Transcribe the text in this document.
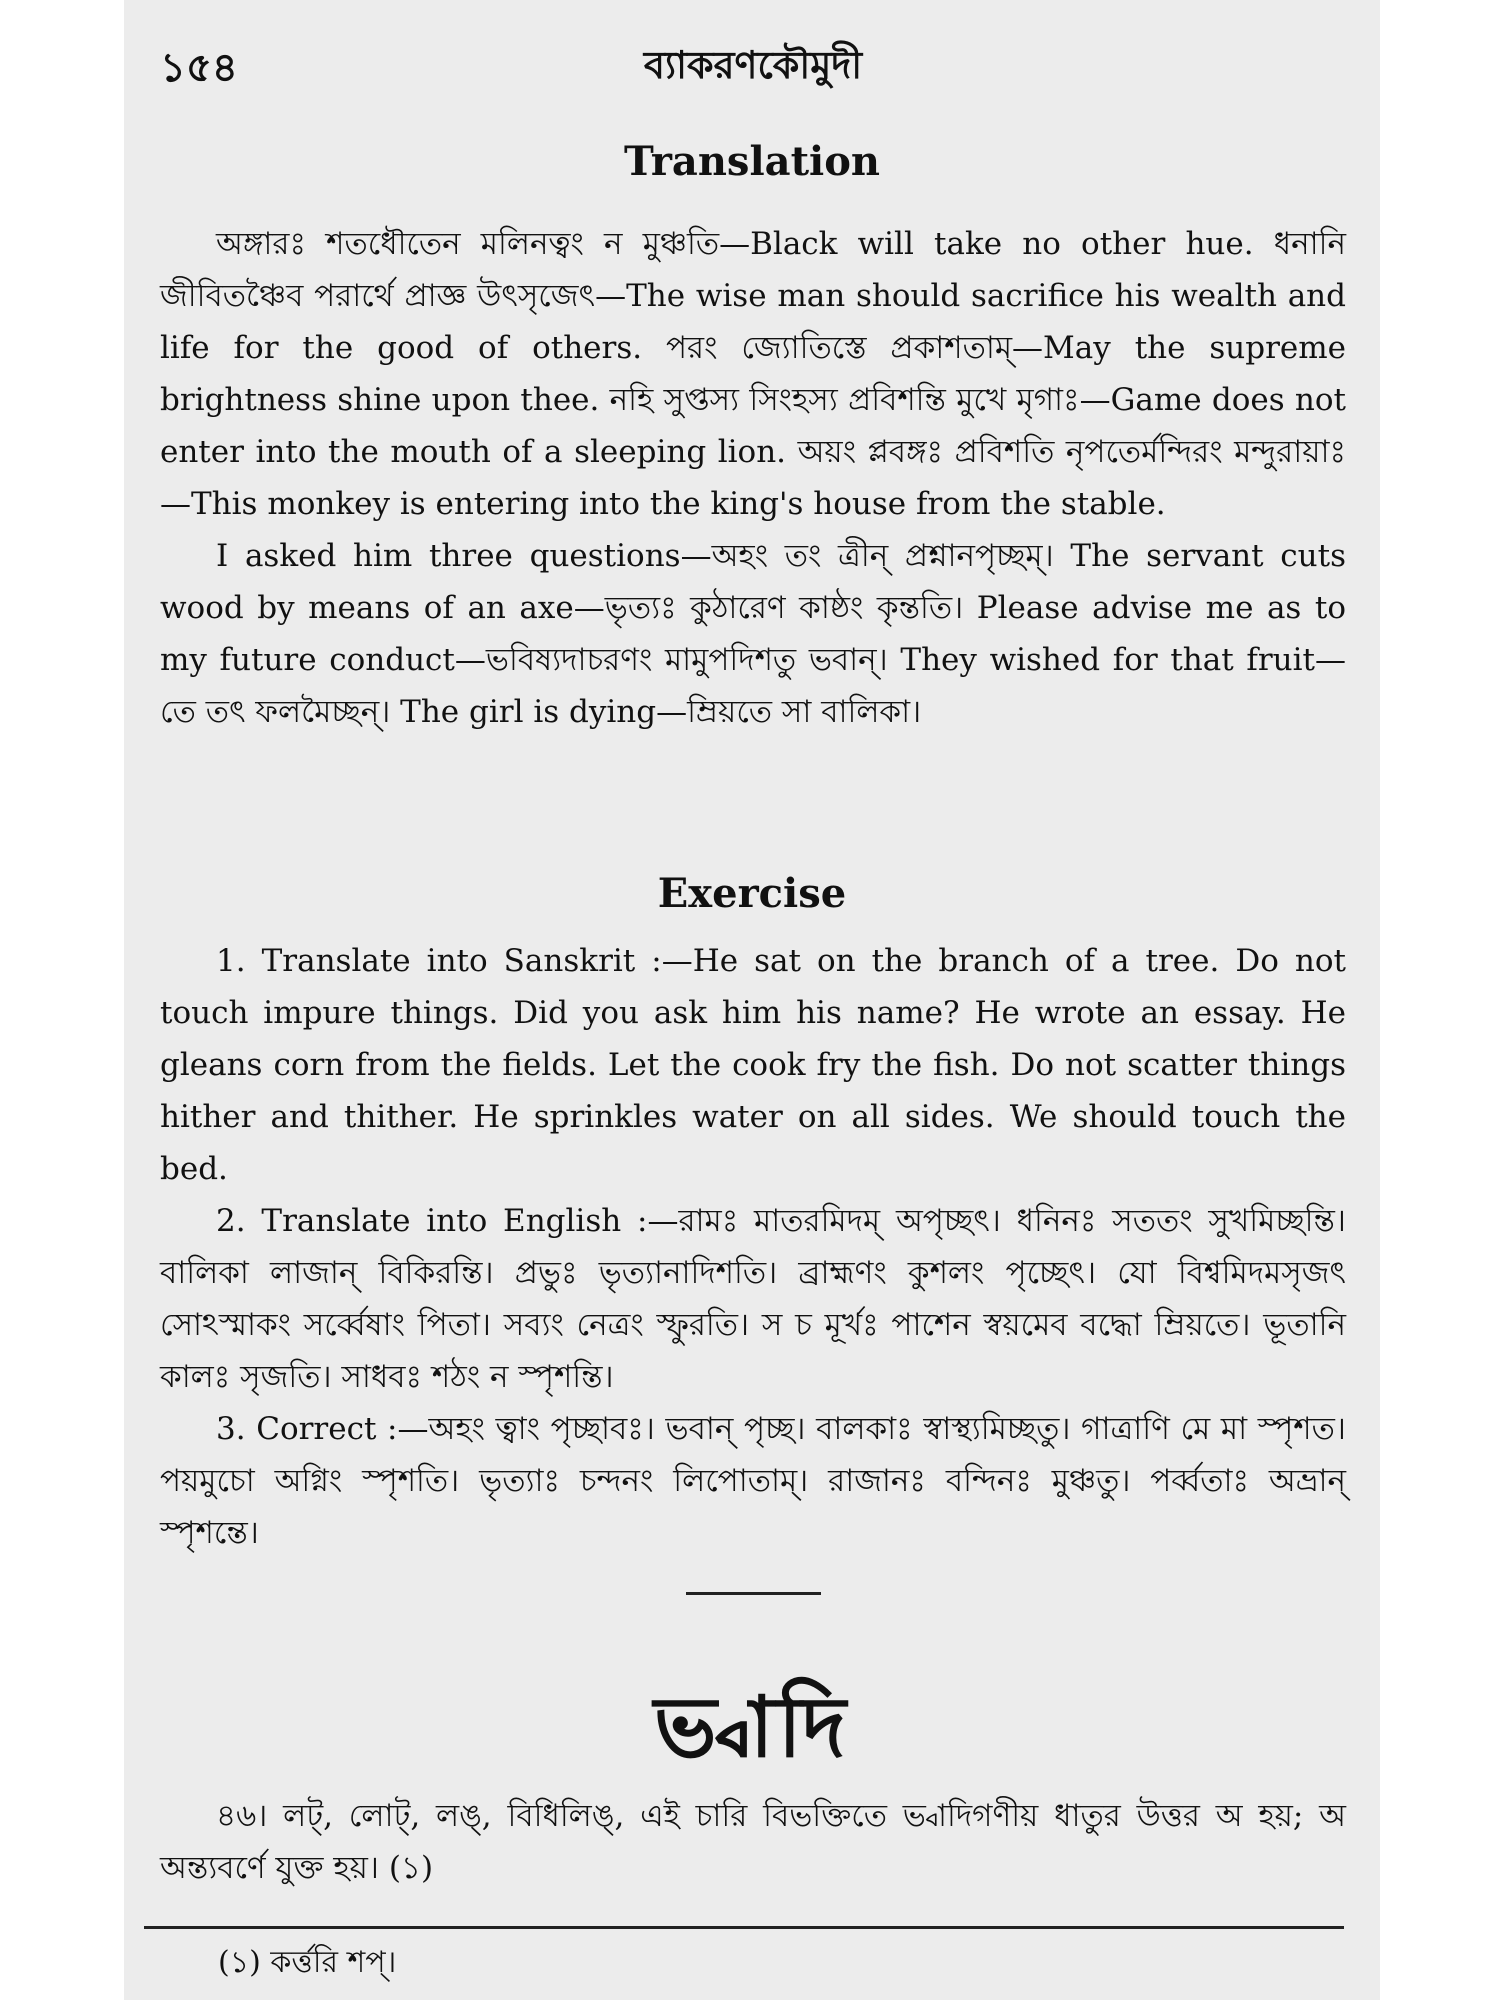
১৫৪	ব্যাকরণকৌমুদী
Translation

অঙ্গারঃ শতধৌতেন মলিনত্বং ন মুঞ্চতি—Black will take no other hue. ধনানি জীবিতঞ্চৈব পরার্থে প্রাজ্ঞ উৎসৃজেৎ—The wise man should sacrifice his wealth and life for the good of others. পরং জ্যোতিস্তে প্রকাশতাম্—May the supreme brightness shine upon thee. নহি সুপ্তস্য সিংহস্য প্রবিশন্তি মুখে মৃগাঃ—Game does not enter into the mouth of a sleeping lion. অয়ং প্লবঙ্গঃ প্রবিশতি নৃপতের্মন্দিরং মন্দুরায়াঃ—This monkey is entering into the king's house from the stable.

I asked him three questions—অহং তং ত্রীন্ প্রশ্নানপৃচ্ছম্। The servant cuts wood by means of an axe—ভৃত্যঃ কুঠারেণ কাষ্ঠং কৃন্ততি। Please advise me as to my future conduct—ভবিষ্যদাচরণং মামুপদিশতু ভবান্। They wished for that fruit—তে তৎ ফলমৈচ্ছন্। The girl is dying—ম্রিয়তে সা বালিকা।

Exercise

1. Translate into Sanskrit :—He sat on the branch of a tree. Do not touch impure things. Did you ask him his name? He wrote an essay. He gleans corn from the fields. Let the cook fry the fish. Do not scatter things hither and thither. He sprinkles water on all sides. We should touch the bed.

2. Translate into English :—রামঃ মাতরমিদম্ অপৃচ্ছৎ। ধনিনঃ সততং সুখমিচ্ছন্তি। বালিকা লাজান্ বিকিরন্তি। প্রভুঃ ভৃত্যানাদিশতি। ব্রাহ্মণং কুশলং পৃচ্ছেৎ। যো বিশ্বমিদমসৃজৎ সোঽস্মাকং সর্ব্বেষাং পিতা। সব্যং নেত্রং স্ফুরতি। স চ মূর্খঃ পাশেন স্বয়মেব বদ্ধো ম্রিয়তে। ভূতানি কালঃ সৃজতি। সাধবঃ শঠং ন স্পৃশন্তি।

3. Correct :—অহং ত্বাং পৃচ্ছাবঃ। ভবান্ পৃচ্ছ। বালকাঃ স্বাস্থ্যমিচ্ছতু। গাত্রাণি মে মা স্পৃশত। পয়মুচো অগ্নিং স্পৃশতি। ভৃত্যাঃ চন্দনং লিপোতাম্। রাজানঃ বন্দিনঃ মুঞ্চতু। পর্ব্বতাঃ অভ্রান্ স্পৃশন্তে।

ভ্বাদি

৪৬। লট্, লোট্, লঙ্, বিধিলিঙ্, এই চারি বিভক্তিতে ভ্বাদিগণীয় ধাতুর উত্তর অ হয়; অ অন্ত্যবর্ণে যুক্ত হয়। (১)

(১) কর্ত্তরি শপ্।
